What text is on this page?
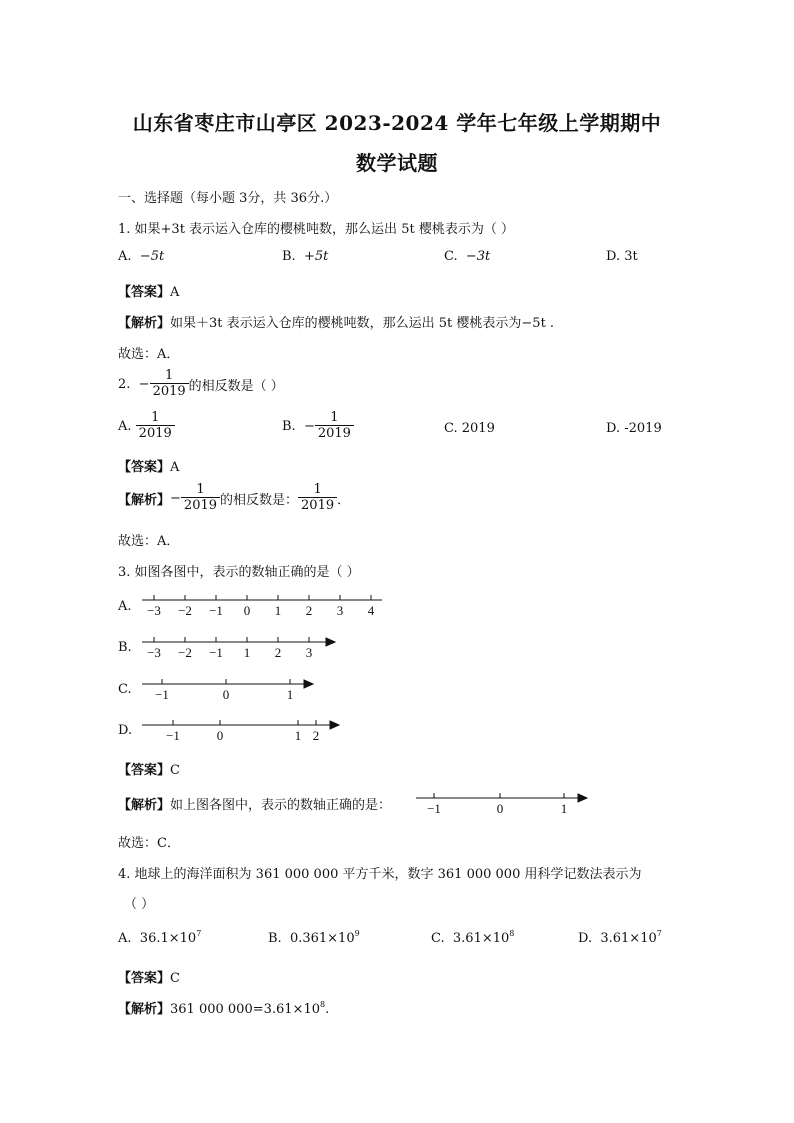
山东省枣庄市山亭区 2023-2024 学年七年级上学期期中
数学试题
一、选择题（每小题 3分，共 36分.）
1. 如果+3t 表示运入仓库的樱桃吨数，那么运出 5t 樱桃表示为（ ）
A. −5t	B. +5t	C. −3t	D. 3t
【答案】A
【解析】如果＋3t 表示运入仓库的樱桃吨数，那么运出 5t 樱桃表示为−5t .
故选：A．
2.
− $\frac{1}{2019}$ 的相反数是（ ）
A.
$\frac{1}{2019}$	B.
− $\frac{1}{2019}$	C. 2019	D. -2019
【答案】A
【解析】 − $\frac{1}{2019}$ 的相反数是： $\frac{1}{2019}$ ．
故选：A．
3. 如图各图中，表示的数轴正确的是（ ）
A. −3 −2 −1 0 1 2 3 4
B. −3 −2 −1 1 2 3
C. −1	0	1
D.	−1	0	1 2
【答案】C
【解析】如上图各图中，表示的数轴正确的是：	−1	0	1
故选：C．
4. 地球上的海洋面积为 361 000 000 平方千米，数字 361 000 000 用科学记数法表示为
（ ）
A. $36.1\times 10^7$	B. $0.361\times 10^9$	C. $3.61\times 10^8$	D. $3.61\times 10^7$
【答案】C
【解析】361 000 $000=3.61\times 10^8$.
